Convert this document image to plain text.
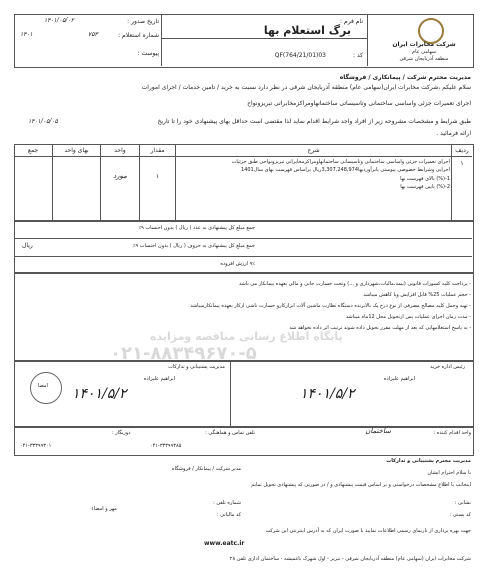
شرکت مخابرات ایران
سهامی عام
منطقه آذربایجان شرقی
نام فرم :
برگ استعلام بها
کد :
QF(764/21/01)03
تاریخ صدور :
۱۴۰۱/۰۵/۰۲
شماره استعلام :
۷۵۳
۱۴۰۱
پیوست :
مدیریت محترم شرکت / پیمانکاری / فروشگاه
سلام علیکم ،شرکت مخابرات ایران(سهامی عام) منطقه آذربایجان شرقی در نظر دارد نسبت به خرید / تامین خدمات / اجرای امورات
اجرای تعمیرات جزئی واساسی ساختمانی وتاسیساتی ساختمانهاومراکزمخابراتی تبریزونواح
طبق شرایط و مشخصات مشروحه زیر از افراد واجد شرایط اقدام نماید لذا مقتضی است حداقل بهای پیشنهادی خود را تا تاریخ
۱۴۰۱/۰۵/۰۵
ارائه فرمائید .
ردیف
شرح
مقدار
واحد
بهای واحد
جمع
۱
اجرای تعمیرات جزئی واساسی ساختمانی وتاسیساتی ساختمانهاومراکزمخابراتی تبریزونواحی طبق جزئیات
اجرایی وشرایط خصوصی پیوستی بابرآوردبها3,307,248,974ریال براساس فهرست بهای سال1401
1-(%) بالای فهرست بها
2-(%) پایین فهرست بها
۱
مورد
جمع مبلغ کل پیشنهادی به عدد ( ریال ) بدون احتساب ۹٪
جمع مبلغ کل پیشنهادی به حروف ( ریال ) بدون احتساب ۹٪
۹٪ ارزش افزوده
ریال
- پرداخت کلیه کسورات قانونی (بیمه،مالیات،شهرداری و ...) وتحت خسارت جانی و مالی بعهده پیمانکار می باشد
- حجم عملیات 25% قابل افزایش ویا کاهش میباشد
- تهیه وحمل کلیه مصالح مصرفی از نوع درج یک بالابرنده دستگاه نظارت ماشین آلات ابزارکارو خسارت ناشی ازکار بعهده پیمانکارمیباشد
- مدت زمان اجرای عملیات پس ازتحویل محل 12ماه میباشد
- به پاسخ استعلامهایی که بعد از مهلت مقرر تحویل داده شوند ترتیب اثر داده نخواهد شد
رئیس اداره خرید
مدیریت پشتیبانی و تدارکات
ابراهیم علیزاده
ابراهیم علیزاده
۱۴۰۱/۵/۲
۱۴۰۱/۵/۲
امضا
واحد اقدام کننده :
ساختمان
تلفن تماس و هماهنگی :
۰۴۱-۳۳۳۹۹۳۸۵
دورنگار :
۰۴۱-۳۳۳۹۹۳۰۱
مدیریت محترم پشتیبانی و تدارکات
مدیر شرکت / پیمانکار / فروشگاه
با سلام احترام ایشان
اینجانب با اطلاع مشخصات درخواستی و بر اساس قیمت پیشنهادی و / در صورتی که پیشنهادی تحویل نمایم
نشانی :
کد پستی :
شماره تلفن :
کد مالیاتی :
مهر و امضاء
جهت بهره برداری از تارنمای رسمی اطلاعات نمایید با صورت ایران که به آدرس اینترنتی این شرکت
www.eatc.ir
شرکت مخابرات ایران (سهامی عام) منطقه آذربایجان شرقی - تبریز - اول شهرک باغمیشه - ساختمان اداری تلفن ۲۸
پایگاه اطلاع رسانی مناقصه ومزایده
۰۲۱-۸۸۳۴۹۶۷۰-۵
